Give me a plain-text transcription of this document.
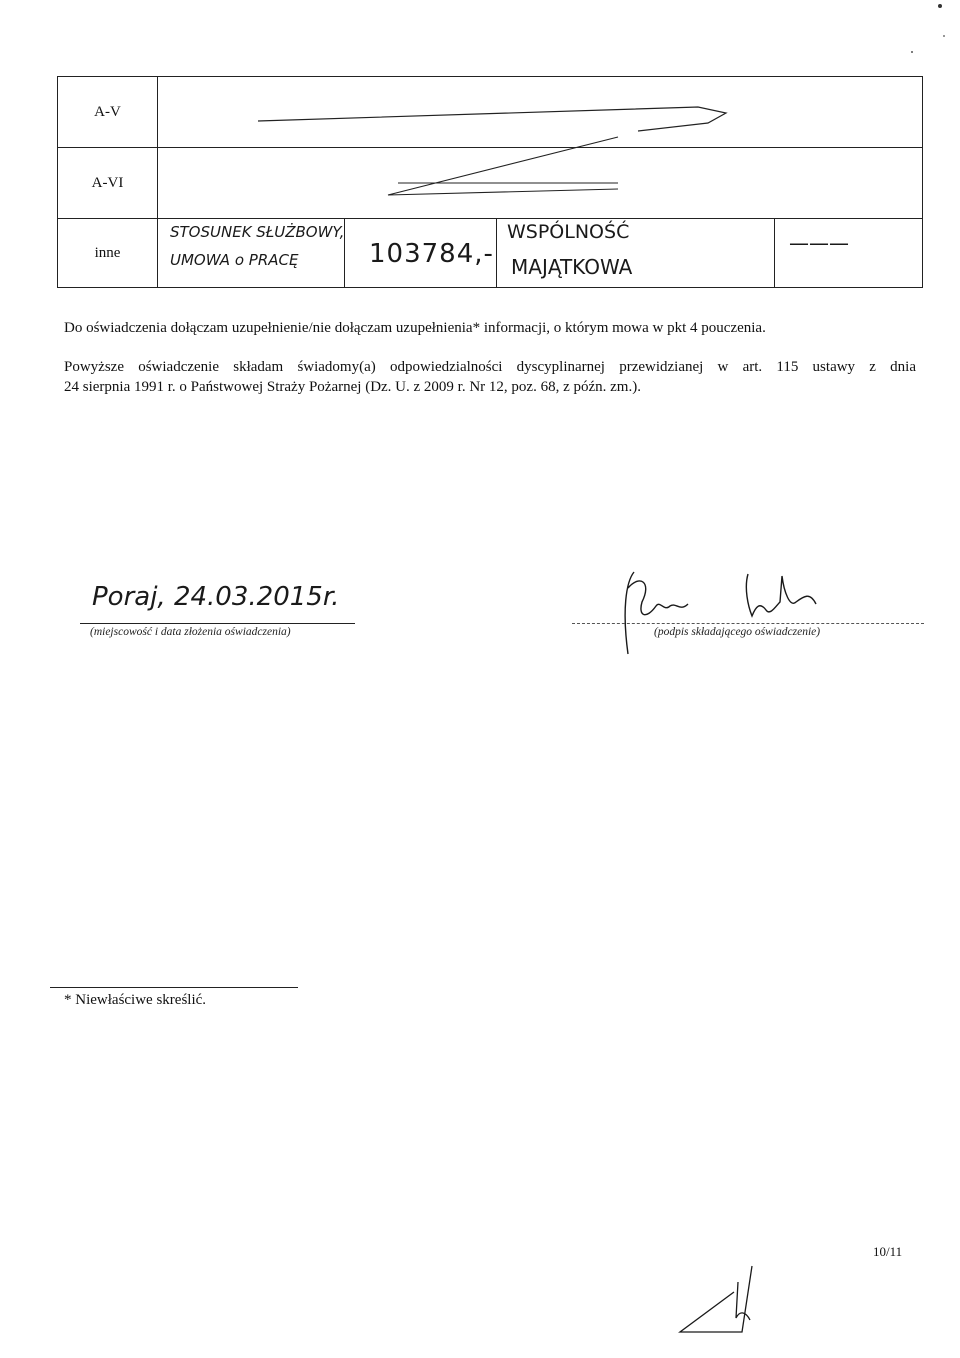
A-V
A-VI
inne
STOSUNEK SŁUŻBOWY,
UMOWA o PRACĘ	103784,-
WSPÓLNOŚĆ
MAJĄTKOWA
———
Do oświadczenia dołączam uzupełnienie/nie dołączam uzupełnienia* informacji, o którym mowa w pkt 4 pouczenia.
Powyższe oświadczenie składam świadomy(a) odpowiedzialności dyscyplinarnej przewidzianej w art. 115 ustawy z dnia
24 sierpnia 1991 r. o Państwowej Straży Pożarnej (Dz. U. z 2009 r. Nr 12, poz. 68, z późn. zm.).
Poraj, 24.03.2015r.
(miejscowość i data złożenia oświadczenia)	(podpis składającego oświadczenie)
* Niewłaściwe skreślić.
10/11
